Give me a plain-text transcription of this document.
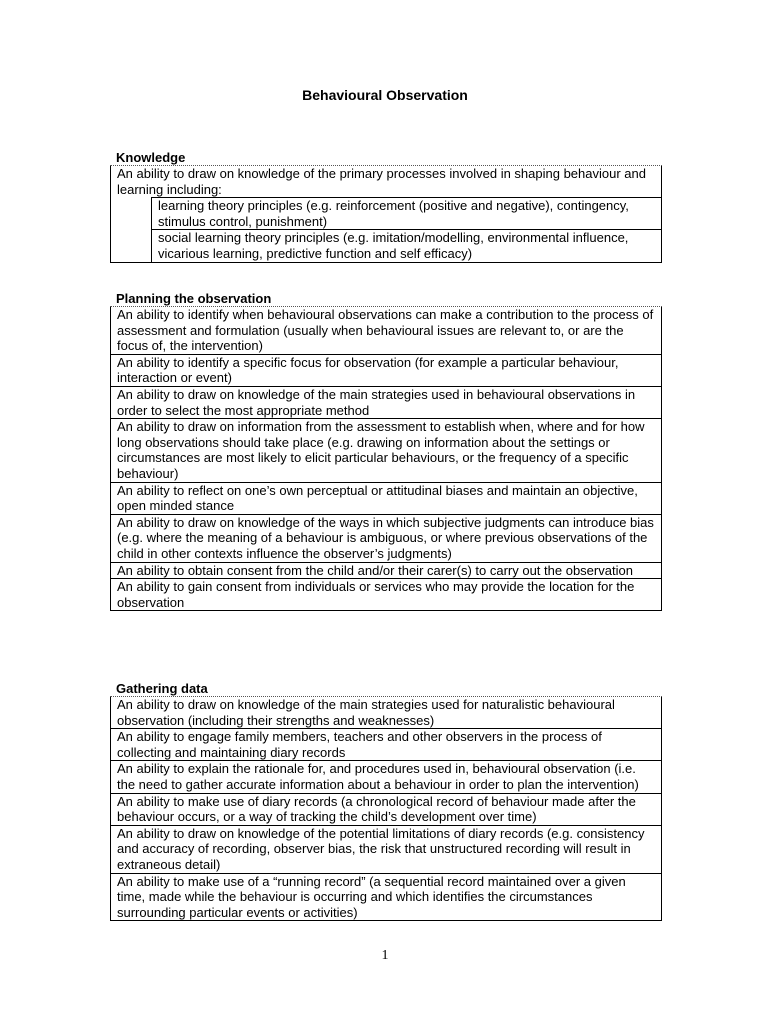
Behavioural Observation
Knowledge
An ability to draw on knowledge of the primary processes involved in shaping behaviour and learning including:
learning theory principles (e.g. reinforcement (positive and negative), contingency, stimulus control, punishment)
social learning theory principles (e.g. imitation/modelling, environmental influence, vicarious learning, predictive function and self efficacy)
Planning the observation
An ability to identify when behavioural observations can make a contribution to the process of assessment and formulation (usually when behavioural issues are relevant to, or are the focus of, the intervention)
An ability to identify a specific focus for observation (for example a particular behaviour, interaction or event)
An ability to draw on knowledge of the main strategies used in behavioural observations in order to select the most appropriate method
An ability to draw on information from the assessment to establish when, where and for how long observations should take place (e.g. drawing on information about the settings or circumstances are most likely to elicit particular behaviours, or the frequency of a specific behaviour)
An ability to reflect on one’s own perceptual or attitudinal biases and maintain an objective, open minded stance
An ability to draw on knowledge of the ways in which subjective judgments can introduce bias (e.g. where the meaning of a behaviour is ambiguous, or where previous observations of the child in other contexts influence the observer’s judgments)
An ability to obtain consent from the child and/or their carer(s) to carry out the observation
An ability to gain consent from individuals or services who may provide the location for the observation
Gathering data
An ability to draw on knowledge of the main strategies used for naturalistic behavioural observation (including their strengths and weaknesses)
An ability to engage family members, teachers and other observers in the process of collecting and maintaining diary records
An ability to explain the rationale for, and procedures used in, behavioural observation (i.e. the need to gather accurate information about a behaviour in order to plan the intervention)
An ability to make use of diary records (a chronological record of behaviour made after the behaviour occurs, or a way of tracking the child’s development over time)
An ability to draw on knowledge of the potential limitations of diary records (e.g. consistency and accuracy of recording, observer bias, the risk that unstructured recording will result in extraneous detail)
An ability to make use of a “running record” (a sequential record maintained over a given time, made while the behaviour is occurring and which identifies the circumstances surrounding particular events or activities)
1
